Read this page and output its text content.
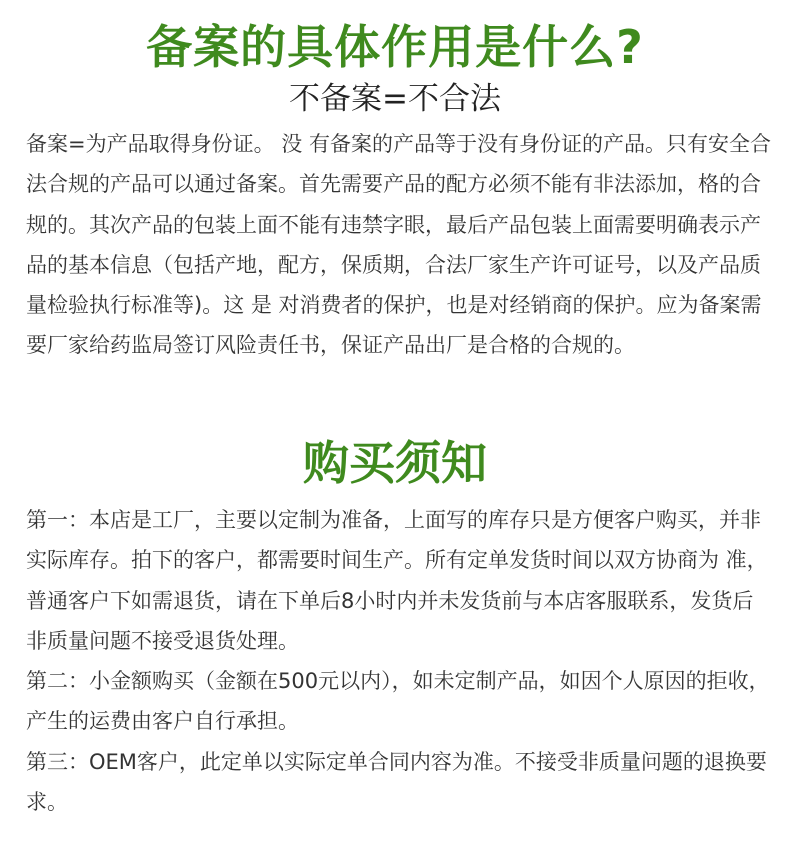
备案的具体作用是什么?
不备案=不合法

备案=为产品取得身份证。 没 有备案的产品等于没有身份证的产品。只有安全合法合规的产品可以通过备案。首先需要产品的配方必须不能有非法添加，格的合规的。其次产品的包装上面不能有违禁字眼，最后产品包装上面需要明确表示产品的基本信息（包括产地，配方，保质期，合法厂家生产许可证号，以及产品质量检验执行标准等)。这 是 对消费者的保护，也是对经销商的保护。应为备案需要厂家给药监局签订风险责任书，保证产品出厂是合格的合规的。

购买须知

第一：本店是工厂，主要以定制为准备，上面写的库存只是方便客户购买，并非实际库存。拍下的客户，都需要时间生产。所有定单发货时间以双方协商为 准，普通客户下如需退货，请在下单后8小时内并未发货前与本店客服联系，发货后非质量问题不接受退货处理。

第二：小金额购买（金额在500元以内），如未定制产品，如因个人原因的拒收，产生的运费由客户自行承担。

第三：OEM客户，此定单以实际定单合同内容为准。不接受非质量问题的退换要求。
